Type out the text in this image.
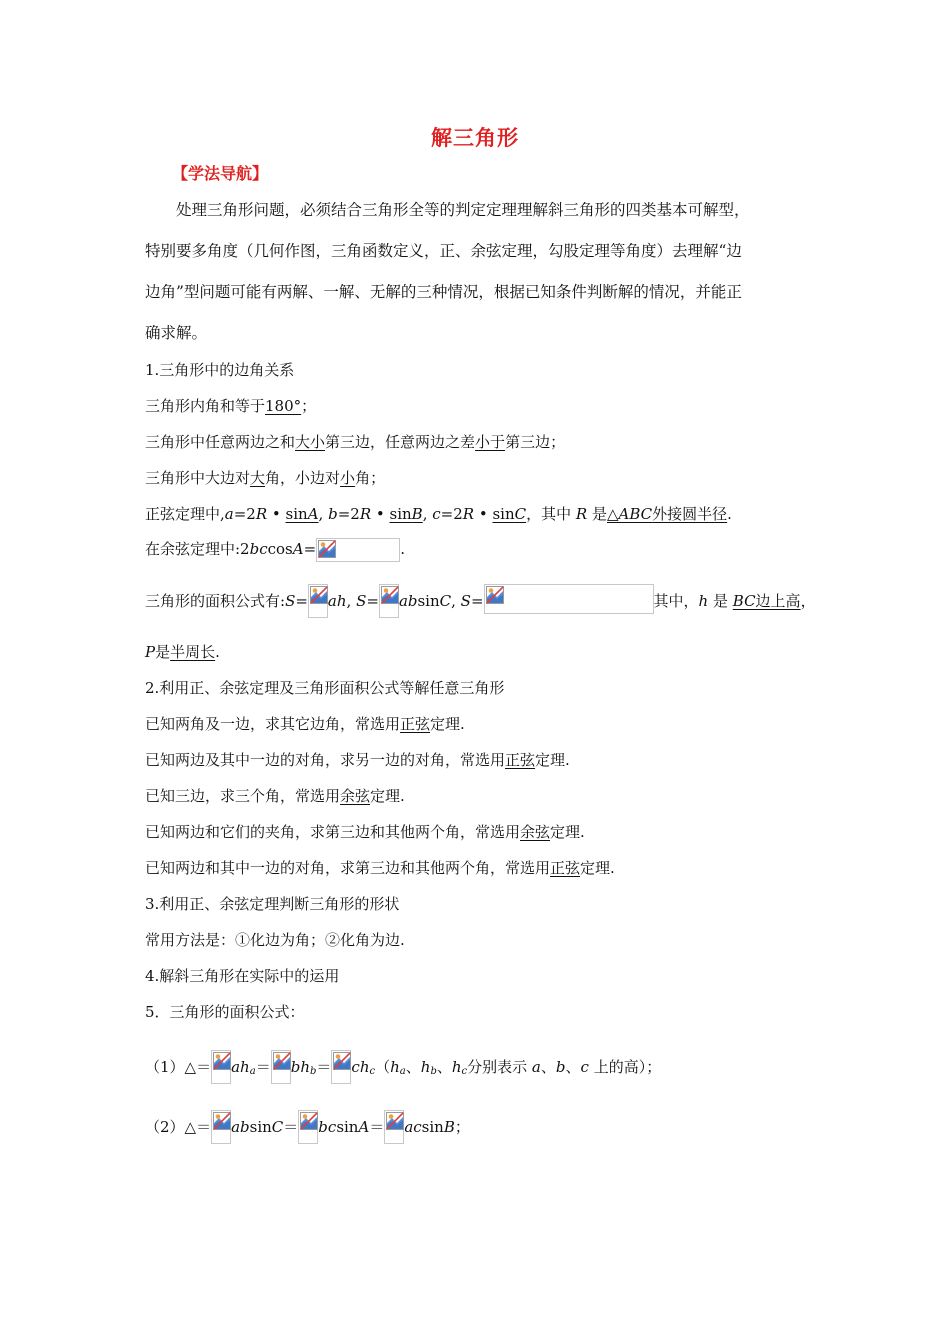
解三角形
【学法导航】
处理三角形问题，必须结合三角形全等的判定定理理解斜三角形的四类基本可解型，
特别要多角度（几何作图，三角函数定义，正、余弦定理，勾股定理等角度）去理解“边
边角”型问题可能有两解、一解、无解的三种情况，根据已知条件判断解的情况，并能正
确求解。
1.三角形中的边角关系
三角形内角和等于180°；
三角形中任意两边之和大小第三边，任意两边之差小于第三边；
三角形中大边对大角，小边对小角；
正弦定理中,a=2R • sinA, b=2R • sinB, c=2R • sinC，其中 R 是△ABC外接圆半径.
在余弦定理中:2bccosA=	.
三角形的面积公式有:S= ah, S= absinC, S=	其中，h 是 BC边上高，
P是半周长.
2.利用正、余弦定理及三角形面积公式等解任意三角形
已知两角及一边，求其它边角，常选用正弦定理.
已知两边及其中一边的对角，求另一边的对角，常选用正弦定理.
已知三边，求三个角，常选用余弦定理.
已知两边和它们的夹角，求第三边和其他两个角，常选用余弦定理.
已知两边和其中一边的对角，求第三边和其他两个角，常选用正弦定理.
3.利用正、余弦定理判断三角形的形状
常用方法是：①化边为角；②化角为边.
4.解斜三角形在实际中的运用
5．三角形的面积公式：
（1）△＝ $ah_a= bh_b= ch_c(h_a$、$h_b$、$h_c$分别表示 a、b、c 上的高）；
（2）△＝ absinC＝ bcsinA＝ acsinB；
